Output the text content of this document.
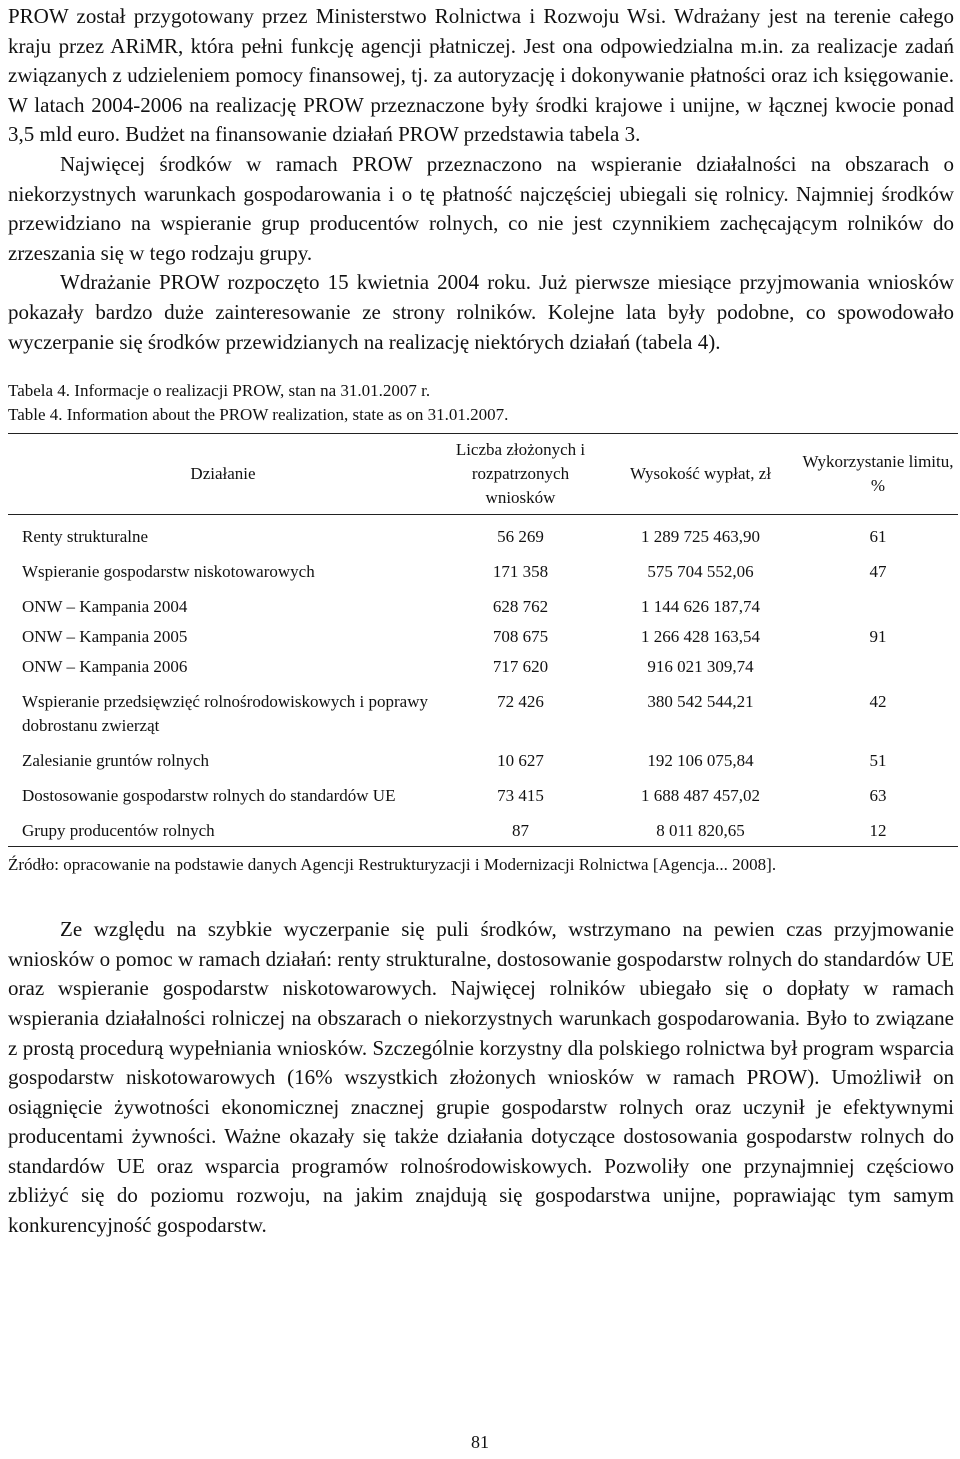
PROW został przygotowany przez Ministerstwo Rolnictwa i Rozwoju Wsi. Wdrażany jest na terenie całego kraju przez ARiMR, która pełni funkcję agencji płatniczej. Jest ona odpowiedzialna m.in. za realizacje zadań związanych z udzieleniem pomocy finansowej, tj. za autoryzację i dokonywanie płatności oraz ich księgowanie. W latach 2004-2006 na realizację PROW przeznaczone były środki krajowe i unijne, w łącznej kwocie ponad 3,5 mld euro. Budżet na finansowanie działań PROW przedstawia tabela 3.

Najwięcej środków w ramach PROW przeznaczono na wspieranie działalności na obszarach o niekorzystnych warunkach gospodarowania i o tę płatność najczęściej ubiegali się rolnicy. Najmniej środków przewidziano na wspieranie grup producentów rolnych, co nie jest czynnikiem zachęcającym rolników do zrzeszania się w tego rodzaju grupy.

Wdrażanie PROW rozpoczęto 15 kwietnia 2004 roku. Już pierwsze miesiące przyjmowania wniosków pokazały bardzo duże zainteresowanie ze strony rolników. Kolejne lata były podobne, co spowodowało wyczerpanie się środków przewidzianych na realizację niektórych działań (tabela 4).

Tabela 4. Informacje o realizacji PROW, stan na 31.01.2007 r.

Table 4. Information about the PROW realization, state as on 31.01.2007.

Działanie	Liczba złożonych i rozpatrzonych wniosków	Wysokość wypłat, zł	Wykorzystanie limitu, %
Renty strukturalne	56 269	1 289 725 463,90	61
Wspieranie gospodarstw niskotowarowych	171 358	575 704 552,06	47
ONW – Kampania 2004	628 762	1 144 626 187,74	
ONW – Kampania 2005	708 675	1 266 428 163,54	91
ONW – Kampania 2006	717 620	916 021 309,74	
Wspieranie przedsięwzięć rolnośrodowiskowych i poprawy dobrostanu zwierząt	72 426	380 542 544,21	42
Zalesianie gruntów rolnych	10 627	192 106 075,84	51
Dostosowanie gospodarstw rolnych do standardów UE	73 415	1 688 487 457,02	63
Grupy producentów rolnych	87	8 011 820,65	12

Źródło: opracowanie na podstawie danych Agencji Restrukturyzacji i Modernizacji Rolnictwa [Agencja... 2008].

Ze względu na szybkie wyczerpanie się puli środków, wstrzymano na pewien czas przyjmowanie wniosków o pomoc w ramach działań: renty strukturalne, dostosowanie gospodarstw rolnych do standardów UE oraz wspieranie gospodarstw niskotowarowych. Najwięcej rolników ubiegało się o dopłaty w ramach wspierania działalności rolniczej na obszarach o niekorzystnych warunkach gospodarowania. Było to związane z prostą procedurą wypełniania wniosków. Szczególnie korzystny dla polskiego rolnictwa był program wsparcia gospodarstw niskotowarowych (16% wszystkich złożonych wniosków w ramach PROW). Umożliwił on osiągnięcie żywotności ekonomicznej znacznej grupie gospodarstw rolnych oraz uczynił je efektywnymi producentami żywności. Ważne okazały się także działania dotyczące dostosowania gospodarstw rolnych do standardów UE oraz wsparcia programów rolnośrodowiskowych. Pozwoliły one przynajmniej częściowo zbliżyć się do poziomu rozwoju, na jakim znajdują się gospodarstwa unijne, poprawiając tym samym konkurencyjność gospodarstw.

81
